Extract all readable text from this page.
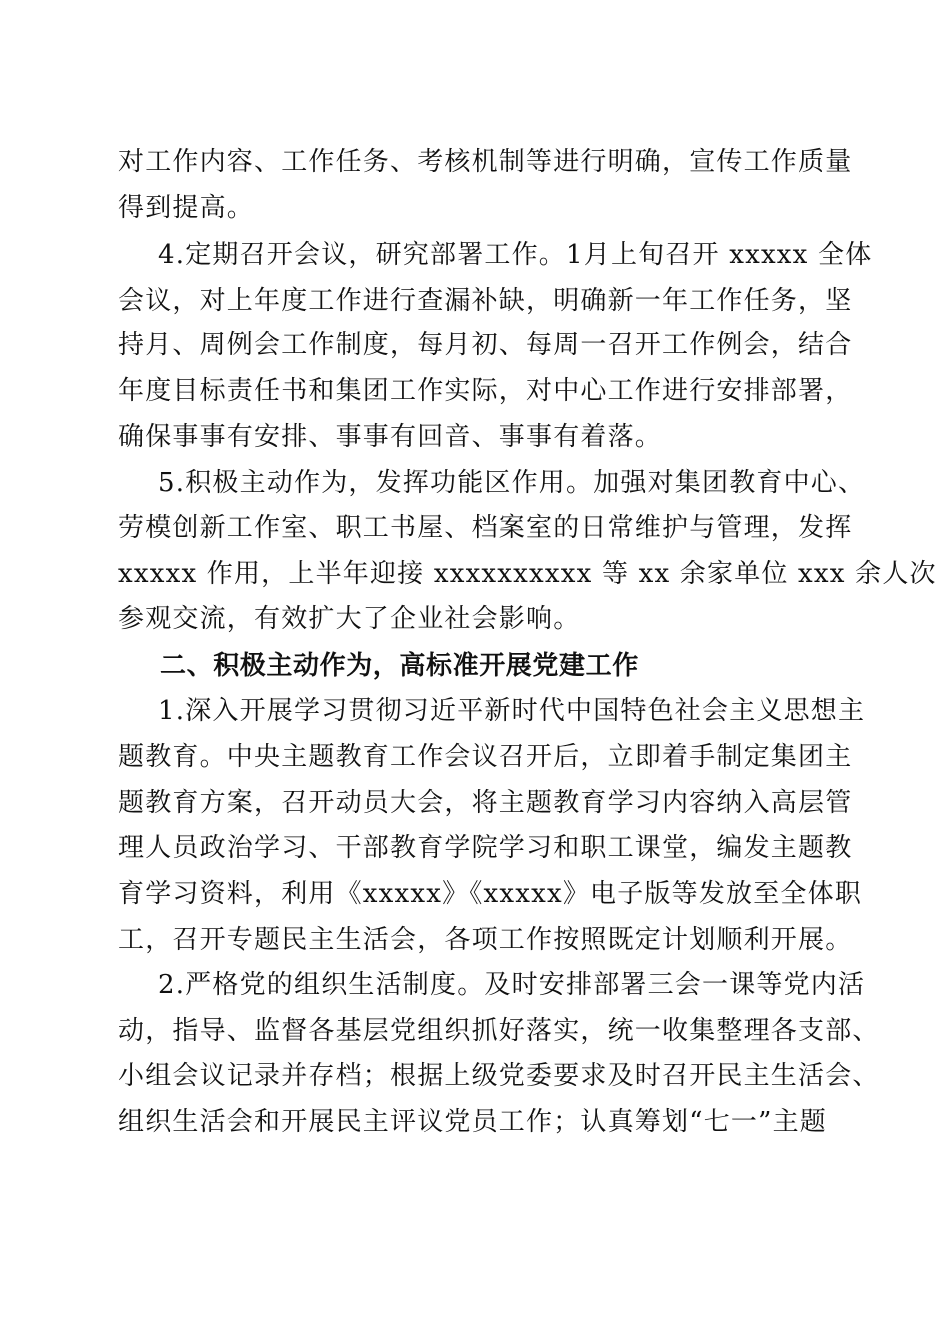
对工作内容、工作任务、考核机制等进行明确，宣传工作质量
得到提高。
4.定期召开会议，研究部署工作。1月上旬召开 xxxxx 全体
会议，对上年度工作进行查漏补缺，明确新一年工作任务，坚
持月、周例会工作制度，每月初、每周一召开工作例会，结合
年度目标责任书和集团工作实际，对中心工作进行安排部署，
确保事事有安排、事事有回音、事事有着落。
5.积极主动作为，发挥功能区作用。加强对集团教育中心、
劳模创新工作室、职工书屋、档案室的日常维护与管理，发挥
xxxxx 作用，上半年迎接 xxxxxxxxxx 等 xx 余家单位 xxx 余人次
参观交流，有效扩大了企业社会影响。
二、积极主动作为，高标准开展党建工作
1.深入开展学习贯彻习近平新时代中国特色社会主义思想主
题教育。中央主题教育工作会议召开后，立即着手制定集团主
题教育方案，召开动员大会，将主题教育学习内容纳入高层管
理人员政治学习、干部教育学院学习和职工课堂，编发主题教
育学习资料，利用《xxxxx》《xxxxx》电子版等发放至全体职
工，召开专题民主生活会，各项工作按照既定计划顺利开展。
2.严格党的组织生活制度。及时安排部署三会一课等党内活
动，指导、监督各基层党组织抓好落实，统一收集整理各支部、
小组会议记录并存档；根据上级党委要求及时召开民主生活会、
组织生活会和开展民主评议党员工作；认真筹划“七一”主题
